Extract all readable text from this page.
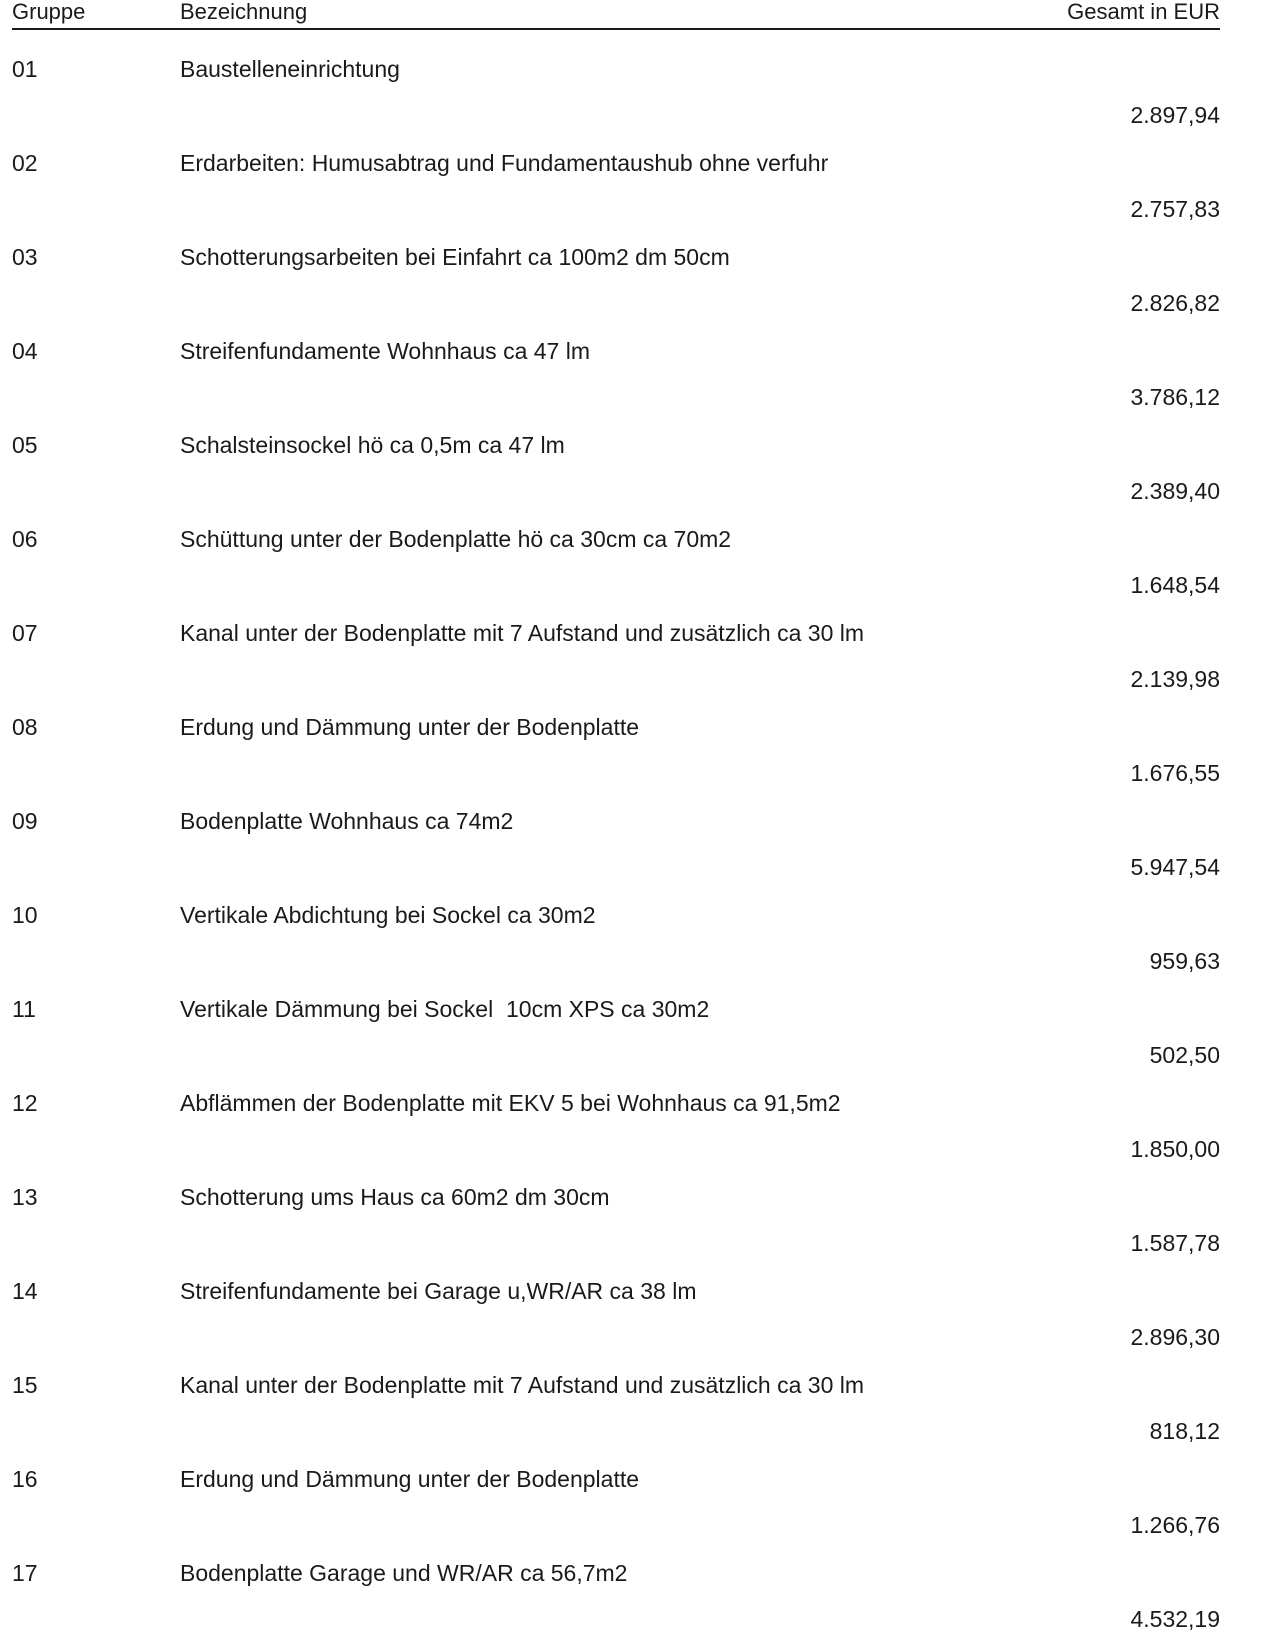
Gruppe	Bezeichnung	Gesamt in EUR
01	Baustelleneinrichtung
2.897,94
02	Erdarbeiten: Humusabtrag und Fundamentaushub ohne verfuhr
2.757,83
03	Schotterungsarbeiten bei Einfahrt ca 100m2 dm 50cm
2.826,82
04	Streifenfundamente Wohnhaus ca 47 lm
3.786,12
05	Schalsteinsockel hö ca 0,5m ca 47 lm
2.389,40
06	Schüttung unter der Bodenplatte hö ca 30cm ca 70m2
1.648,54
07	Kanal unter der Bodenplatte mit 7 Aufstand und zusätzlich ca 30 lm
2.139,98
08	Erdung und Dämmung unter der Bodenplatte
1.676,55
09	Bodenplatte Wohnhaus ca 74m2
5.947,54
10	Vertikale Abdichtung bei Sockel ca 30m2
959,63
11	Vertikale Dämmung bei Sockel  10cm XPS ca 30m2
502,50
12	Abflämmen der Bodenplatte mit EKV 5 bei Wohnhaus ca 91,5m2
1.850,00
13	Schotterung ums Haus ca 60m2 dm 30cm
1.587,78
14	Streifenfundamente bei Garage u,WR/AR ca 38 lm
2.896,30
15	Kanal unter der Bodenplatte mit 7 Aufstand und zusätzlich ca 30 lm
818,12
16	Erdung und Dämmung unter der Bodenplatte
1.266,76
17	Bodenplatte Garage und WR/AR ca 56,7m2
4.532,19
